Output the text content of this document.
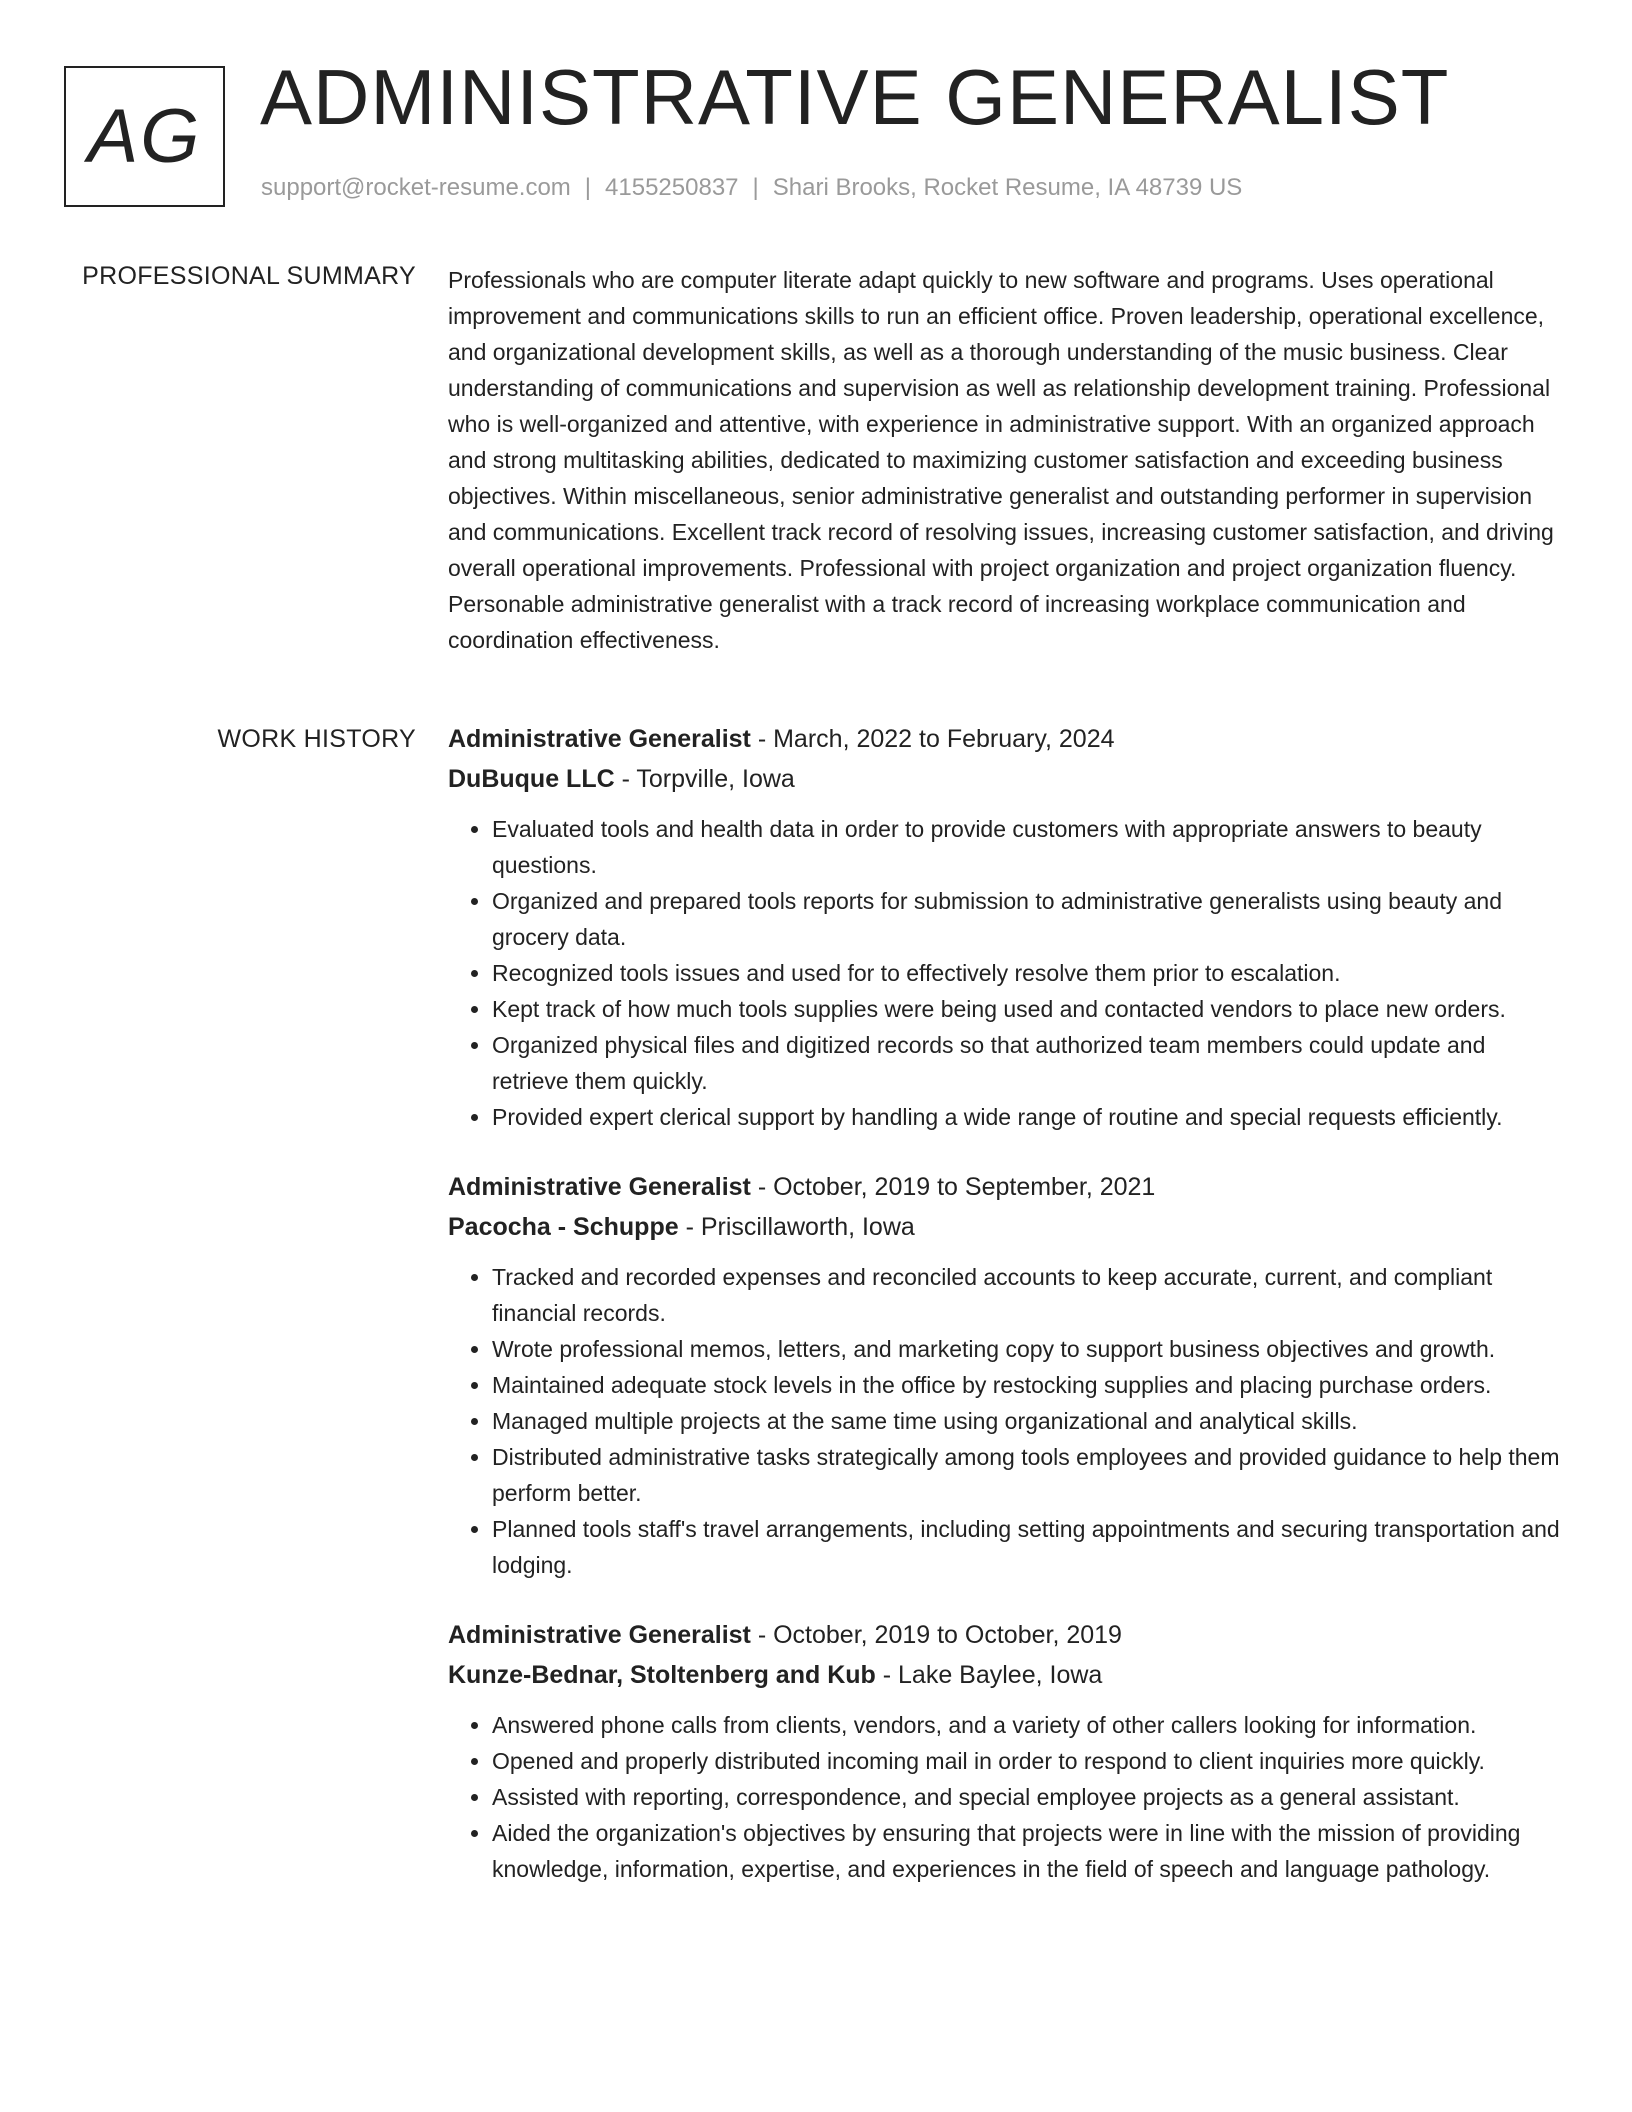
AG ADMINISTRATIVE GENERALIST
support@rocket-resume.com | 4155250837 | Shari Brooks, Rocket Resume, IA 48739 US
PROFESSIONAL SUMMARY Professionals who are computer literate adapt quickly to new software and programs. Uses operational improvement and communications skills to run an efficient office. Proven leadership, operational excellence, and organizational development skills, as well as a thorough understanding of the music business. Clear understanding of communications and supervision as well as relationship development training. Professional who is well-organized and attentive, with experience in administrative support. With an organized approach and strong multitasking abilities, dedicated to maximizing customer satisfaction and exceeding business objectives. Within miscellaneous, senior administrative generalist and outstanding performer in supervision and communications. Excellent track record of resolving issues, increasing customer satisfaction, and driving overall operational improvements. Professional with project organization and project organization fluency. Personable administrative generalist with a track record of increasing workplace communication and coordination effectiveness.

WORK HISTORY Administrative Generalist - March, 2022 to February, 2024
DuBuque LLC - Torpville, Iowa
• Evaluated tools and health data in order to provide customers with appropriate answers to beauty questions.
• Organized and prepared tools reports for submission to administrative generalists using beauty and grocery data.
• Recognized tools issues and used for to effectively resolve them prior to escalation.
• Kept track of how much tools supplies were being used and contacted vendors to place new orders.
• Organized physical files and digitized records so that authorized team members could update and retrieve them quickly.
• Provided expert clerical support by handling a wide range of routine and special requests efficiently.
Administrative Generalist - October, 2019 to September, 2021
Pacocha - Schuppe - Priscillaworth, Iowa
• Tracked and recorded expenses and reconciled accounts to keep accurate, current, and compliant financial records.
• Wrote professional memos, letters, and marketing copy to support business objectives and growth.
• Maintained adequate stock levels in the office by restocking supplies and placing purchase orders.
• Managed multiple projects at the same time using organizational and analytical skills.
• Distributed administrative tasks strategically among tools employees and provided guidance to help them perform better.
• Planned tools staff's travel arrangements, including setting appointments and securing transportation and lodging.
Administrative Generalist - October, 2019 to October, 2019
Kunze-Bednar, Stoltenberg and Kub - Lake Baylee, Iowa
• Answered phone calls from clients, vendors, and a variety of other callers looking for information.
• Opened and properly distributed incoming mail in order to respond to client inquiries more quickly.
• Assisted with reporting, correspondence, and special employee projects as a general assistant.
• Aided the organization's objectives by ensuring that projects were in line with the mission of providing knowledge, information, expertise, and experiences in the field of speech and language pathology.
